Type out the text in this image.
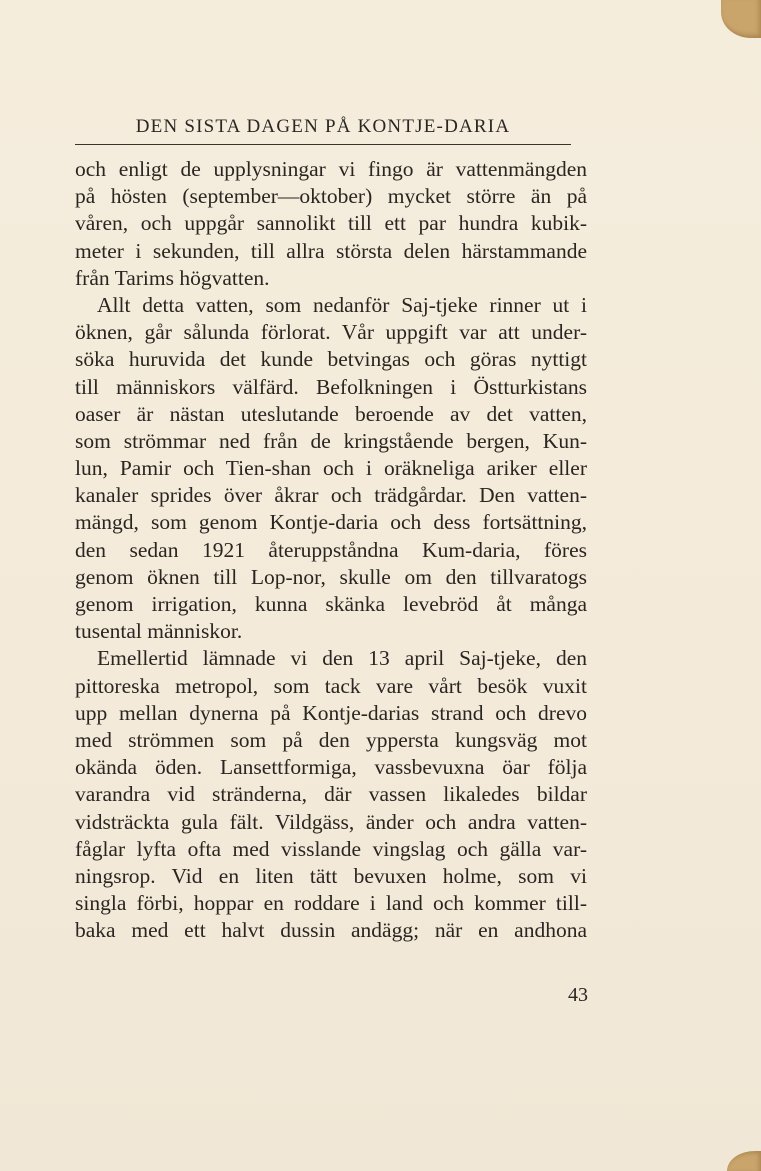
DEN SISTA DAGEN PÅ KONTJE-DARIA
och enligt de upplysningar vi fingo är vattenmängden
på hösten (september—oktober) mycket större än på
våren, och uppgår sannolikt till ett par hundra kubik-
meter i sekunden, till allra största delen härstammande
från Tarims högvatten.
Allt detta vatten, som nedanför Saj-tjeke rinner ut i
öknen, går sålunda förlorat. Vår uppgift var att under-
söka huruvida det kunde betvingas och göras nyttigt
till människors välfärd. Befolkningen i Östturkistans
oaser är nästan uteslutande beroende av det vatten,
som strömmar ned från de kringstående bergen, Kun-
lun, Pamir och Tien-shan och i oräkneliga ariker eller
kanaler sprides över åkrar och trädgårdar. Den vatten-
mängd, som genom Kontje-daria och dess fortsättning,
den sedan 1921 återuppståndna Kum-daria, föres
genom öknen till Lop-nor, skulle om den tillvaratogs
genom irrigation, kunna skänka levebröd åt många
tusental människor.
Emellertid lämnade vi den 13 april Saj-tjeke, den
pittoreska metropol, som tack vare vårt besök vuxit
upp mellan dynerna på Kontje-darias strand och drevo
med strömmen som på den yppersta kungsväg mot
okända öden. Lansettformiga, vassbevuxna öar följa
varandra vid stränderna, där vassen likaledes bildar
vidsträckta gula fält. Vildgäss, änder och andra vatten-
fåglar lyfta ofta med visslande vingslag och gälla var-
ningsrop. Vid en liten tätt bevuxen holme, som vi
singla förbi, hoppar en roddare i land och kommer till-
baka med ett halvt dussin andägg; när en andhona
43
